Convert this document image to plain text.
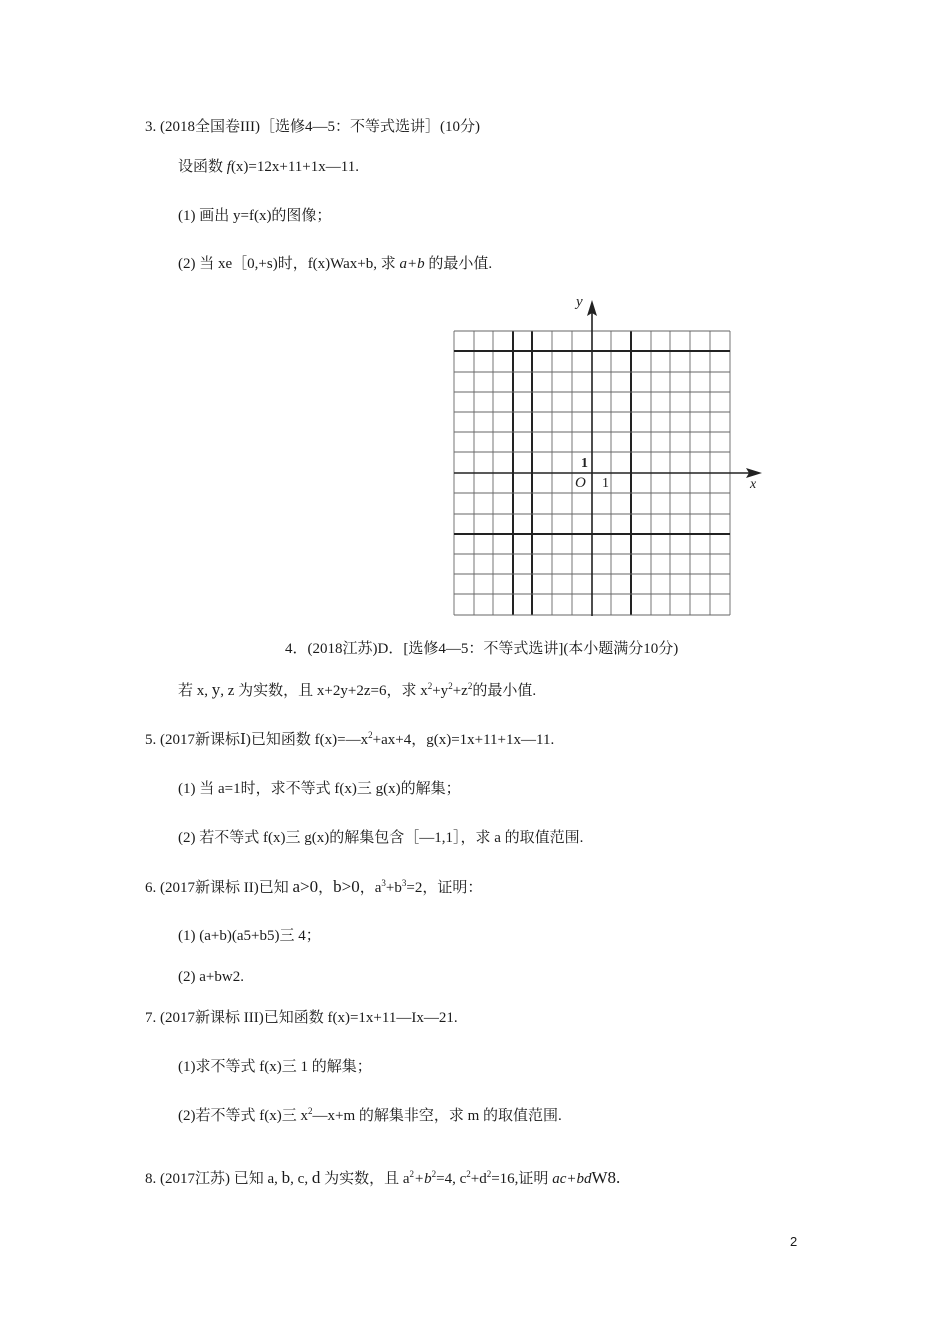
3. (2018全国卷III)［选修4—5：不等式选讲］(10分)
设函数 f(x)=12x+11+1x—11.
(1) 画出 y=f(x)的图像；
(2) 当 xe［0,+s)时，f(x)Wax+b, 求 a+b 的最小值.
y
x
O 1
1
4．(2018江苏)D．[选修4—5：不等式选讲](本小题满分10分)
若 x, y, z 为实数，且 x+2y+2z=6，求 $x^2+y^2+z^2$的最小值.
5. (2017新课标Ⅰ)已知函数 $f(x)=—x^2+ax+4$，g(x)=1x+11+1x—11.
(1) 当 a=1时，求不等式 f(x)三 g(x)的解集；
(2) 若不等式 f(x)三 g(x)的解集包含［—1,1］，求 a 的取值范围.
6. (2017新课标 II)已知 a>0，b>0，$a^3+b^3=2$，证明：
(1) (a+b)(a5+b5)三 4；
(2) a+bw2.
7. (2017新课标 III)已知函数 f(x)=1x+11—Ix—21.
(1)求不等式 f(x)三 1 的解集；
(2)若不等式 f(x)三 $x^2—x+m$ 的解集非空，求 m 的取值范围.
8. (2017江苏) 已知 a, b, c, d 为实数，且 $a^2+b^2=4$, $c^2+d^2=16$,证明 ac+bdW8.
2
